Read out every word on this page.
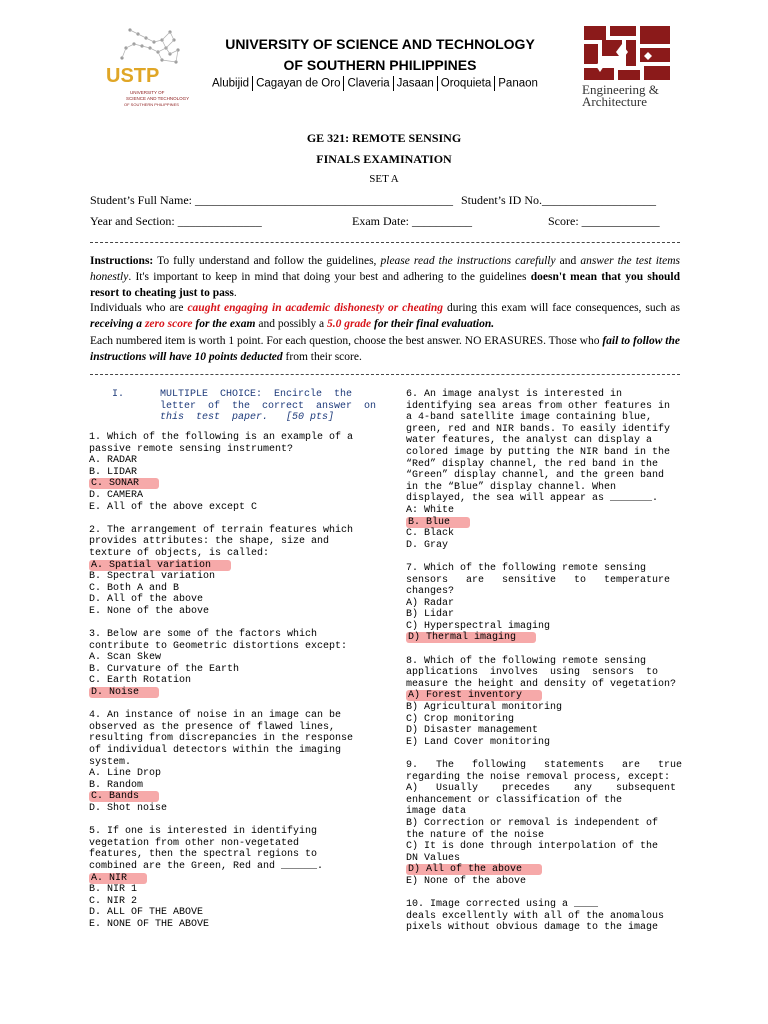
USTP
UNIVERSITY OF
SCIENCE AND TECHNOLOGY
OF SOUTHERN PHILIPPINES
UNIVERSITY OF SCIENCE AND TECHNOLOGY
OF SOUTHERN PHILIPPINES
Alubijid Cagayan de Oro Claveria Jasaan Oroquieta Panaon	Engineering &
Architecture
GE 321: REMOTE SENSING
FINALS EXAMINATION
SET A
Student’s Full Name: ___________________________________________ Student’s ID No.___________________
Year and Section: ______________	Exam Date: __________	Score: _____________
Instructions: To fully understand and follow the guidelines, please read the instructions carefully and answer the test items honestly. It's important to keep in mind that doing your best and adhering to the guidelines doesn't mean that you should resort to cheating just to pass.
Individuals who are caught engaging in academic dishonesty or cheating during this exam will face consequences, such as receiving a zero score for the exam and possibly a 5.0 grade for their final evaluation.
Each numbered item is worth 1 point. For each question, choose the best answer. NO ERASURES. Those who fail to follow the instructions will have 10 points deducted from their score.
I.      MULTIPLE  CHOICE:  Encircle  the
letter  of  the  correct  answer  on
this  test  paper.   [50 pts]
1. Which of the following is an example of a
passive remote sensing instrument?
A. RADAR
B. LIDAR
C. SONAR
D. CAMERA
E. All of the above except C
2. The arrangement of terrain features which
provides attributes: the shape, size and
texture of objects, is called:
A. Spatial variation
B. Spectral variation
C. Both A and B
D. All of the above
E. None of the above
3. Below are some of the factors which
contribute to Geometric distortions except:
A. Scan Skew
B. Curvature of the Earth
C. Earth Rotation
D. Noise
4. An instance of noise in an image can be
observed as the presence of flawed lines,
resulting from discrepancies in the response
of individual detectors within the imaging
system.
A. Line Drop
B. Random
C. Bands
D. Shot noise
5. If one is interested in identifying
vegetation from other non-vegetated
features, then the spectral regions to
combined are the Green, Red and ______.
A. NIR
B. NIR 1
C. NIR 2
D. ALL OF THE ABOVE
E. NONE OF THE ABOVE
6. An image analyst is interested in
identifying sea areas from other features in
a 4-band satellite image containing blue,
green, red and NIR bands. To easily identify
water features, the analyst can display a
colored image by putting the NIR band in the
“Red” display channel, the red band in the
“Green” display channel, and the green band
in the “Blue” display channel. When
displayed, the sea will appear as _______.
A: White
B. Blue
C. Black
D. Gray
7. Which of the following remote sensing
sensors   are   sensitive   to   temperature
changes?
A) Radar
B) Lidar
C) Hyperspectral imaging
D) Thermal imaging
8. Which of the following remote sensing
applications  involves  using  sensors  to
measure the height and density of vegetation?
A) Forest inventory
B) Agricultural monitoring
C) Crop monitoring
D) Disaster management
E) Land Cover monitoring
9.   The   following   statements   are   true
regarding the noise removal process, except:

A)   Usually    precedes    any    subsequent
enhancement or classification of the
image data
B) Correction or removal is independent of
the nature of the noise
C) It is done through interpolation of the
DN Values
D) All of the above
E) None of the above
10. Image corrected using a ____
deals excellently with all of the anomalous
pixels without obvious damage to the image
